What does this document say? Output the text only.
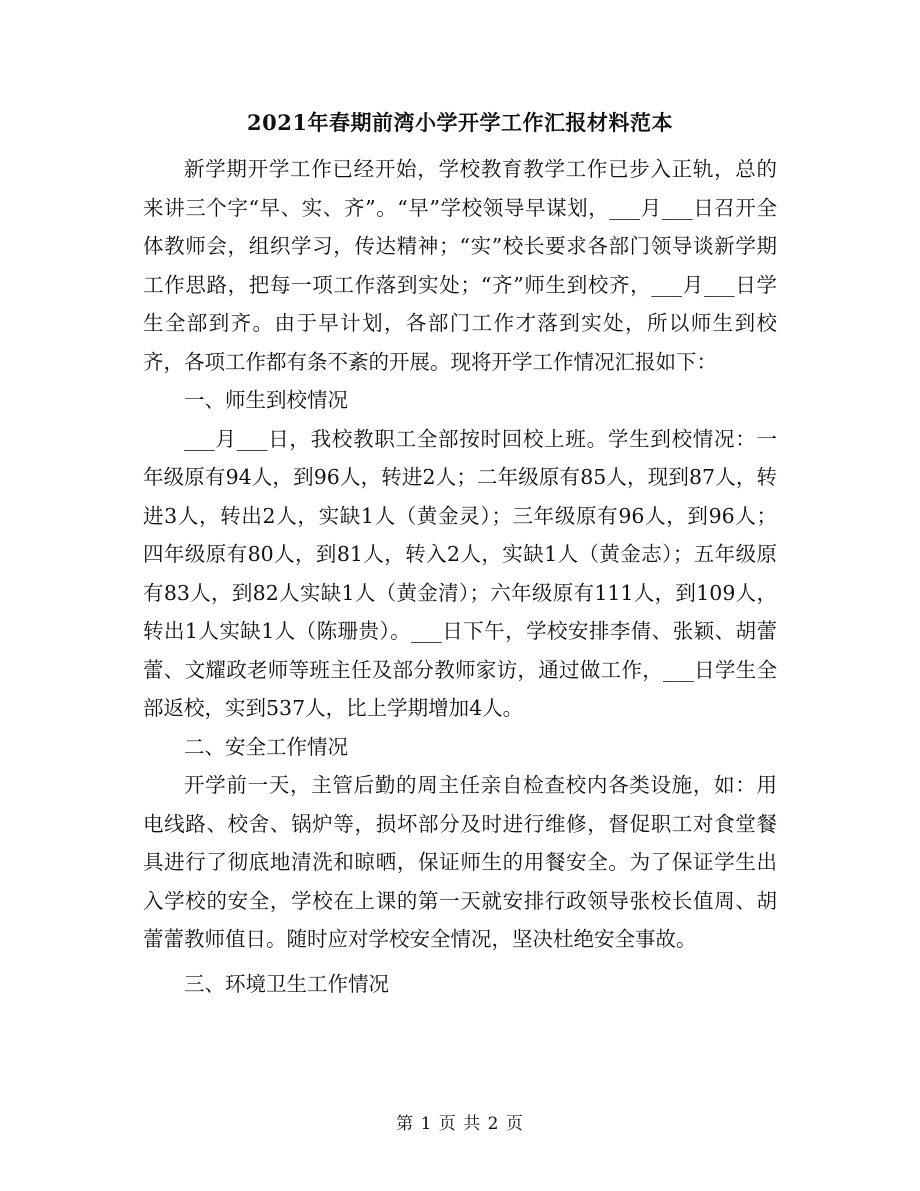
2021年春期前湾小学开学工作汇报材料范本

新学期开学工作已经开始，学校教育教学工作已步入正轨，总的来讲三个字“早、实、齐”。“早”学校领导早谋划，___月___日召开全体教师会，组织学习，传达精神；“实”校长要求各部门领导谈新学期工作思路，把每一项工作落到实处；“齐”师生到校齐，___月___日学生全部到齐。由于早计划，各部门工作才落到实处，所以师生到校齐，各项工作都有条不紊的开展。现将开学工作情况汇报如下：

一、师生到校情况

___月___日，我校教职工全部按时回校上班。学生到校情况：一年级原有94人，到96人，转进2人；二年级原有85人，现到87人，转进3人，转出2人，实缺1人（黄金灵）；三年级原有96人，到96人；四年级原有80人，到81人，转入2人，实缺1人（黄金志）；五年级原有83人，到82人实缺1人（黄金清）；六年级原有111人，到109人，转出1人实缺1人（陈珊贵）。___日下午，学校安排李倩、张颖、胡蕾蕾、文耀政老师等班主任及部分教师家访，通过做工作，___日学生全部返校，实到537人，比上学期增加4人。

二、安全工作情况

开学前一天，主管后勤的周主任亲自检查校内各类设施，如：用电线路、校舍、锅炉等，损坏部分及时进行维修，督促职工对食堂餐具进行了彻底地清洗和晾晒，保证师生的用餐安全。为了保证学生出入学校的安全，学校在上课的第一天就安排行政领导张校长值周、胡蕾蕾教师值日。随时应对学校安全情况，坚决杜绝安全事故。

三、环境卫生工作情况

第 1 页 共 2 页
